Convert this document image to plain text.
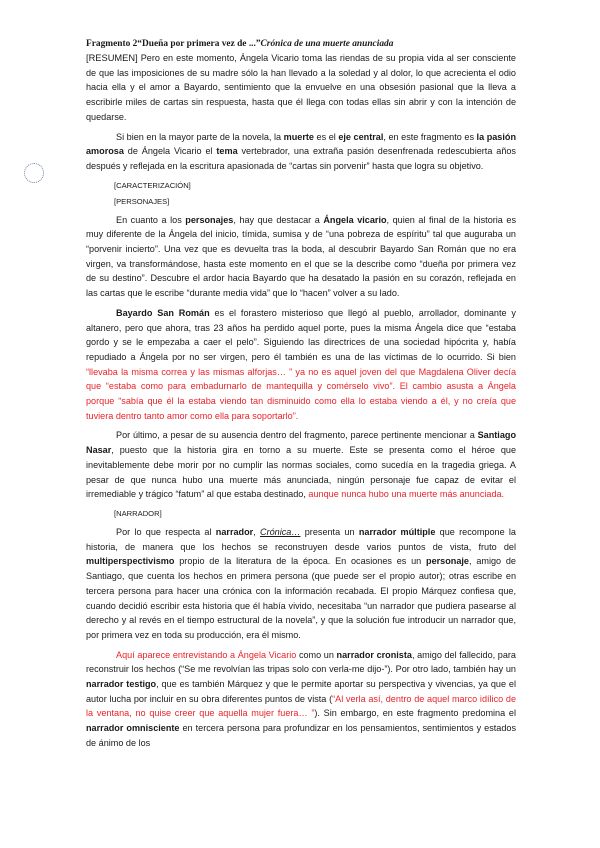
Fragmento 2“Dueña por primera vez de ...”Crónica de una muerte anunciada

[RESUMEN] Pero en este momento, Ángela Vicario toma las riendas de su propia vida al ser consciente de que las imposiciones de su madre sólo la han llevado a la soledad y al dolor, lo que acrecienta el odio hacia ella y el amor a Bayardo, sentimiento que la envuelve en una obsesión pasional que la lleva a escribirle miles de cartas sin respuesta, hasta que él llega con todas ellas sin abrir y con la intención de quedarse.

Si bien en la mayor parte de la novela, la muerte es el eje central, en este fragmento es la pasión amorosa de Ángela Vicario el tema vertebrador, una extraña pasión desenfrenada redescubierta años después y reflejada en la escritura apasionada de “cartas sin porvenir” hasta que logra su objetivo.

[CARACTERIZACIÓN]

[PERSONAJES]

En cuanto a los personajes, hay que destacar a Ángela vicario, quien al final de la historia es muy diferente de la Ángela del inicio, tímida, sumisa y de “una pobreza de espíritu” tal que auguraba un “porvenir incierto”. Una vez que es devuelta tras la boda, al descubrir Bayardo San Román que no era virgen, va transformándose, hasta este momento en el que se la describe como “dueña por primera vez de su destino”. Descubre el ardor hacia Bayardo que ha desatado la pasión en su corazón, reflejada en las cartas que le escribe “durante media vida” que lo “hacen” volver a su lado.

Bayardo San Román es el forastero misterioso que llegó al pueblo, arrollador, dominante y altanero, pero que ahora, tras 23 años ha perdido aquel porte, pues la misma Ángela dice que “estaba gordo y se le empezaba a caer el pelo”. Siguiendo las directrices de una sociedad hipócrita y, había repudiado a Ángela por no ser virgen, pero él también es una de las víctimas de lo ocurrido. Si bien “llevaba la misma correa y las mismas alforjas… ” ya no es aquel joven del que Magdalena Oliver decía que “estaba como para embadurnarlo de mantequilla y comérselo vivo”. El cambio asusta a Ángela porque “sabía que él la estaba viendo tan disminuido como ella lo estaba viendo a él, y no creía que tuviera dentro tanto amor como ella para soportarlo”.

Por último, a pesar de su ausencia dentro del fragmento, parece pertinente mencionar a Santiago Nasar, puesto que la historia gira en torno a su muerte. Este se presenta como el héroe que inevitablemente debe morir por no cumplir las normas sociales, como sucedía en la tragedia griega. A pesar de que nunca hubo una muerte más anunciada, ningún personaje fue capaz de evitar el irremediable y trágico “fatum” al que estaba destinado, aunque nunca hubo una muerte más anunciada.

[NARRADOR]

Por lo que respecta al narrador, Crónica… presenta un narrador múltiple que recompone la historia, de manera que los hechos se reconstruyen desde varios puntos de vista, fruto del multiperspectivismo propio de la literatura de la época. En ocasiones es un personaje, amigo de Santiago, que cuenta los hechos en primera persona (que puede ser el propio autor); otras escribe en tercera persona para hacer una crónica con la información recabada. El propio Márquez confiesa que, cuando decidió escribir esta historia que él había vivido, necesitaba “un narrador que pudiera pasearse al derecho y al revés en el tiempo estructural de la novela”, y que la solución fue introducir un narrador que, por primera vez en toda su producción, era él mismo.

Aquí aparece entrevistando a Ángela Vicario como un narrador cronista, amigo del fallecido, para reconstruir los hechos (“Se me revolvían las tripas solo con verla-me dijo-”). Por otro lado, también hay un narrador testigo, que es también Márquez y que le permite aportar su perspectiva y vivencias, ya que el autor lucha por incluir en su obra diferentes puntos de vista (“Al verla así, dentro de aquel marco idílico de la ventana, no quise creer que aquella mujer fuera… ”). Sin embargo, en este fragmento predomina el narrador omnisciente en tercera persona para profundizar en los pensamientos, sentimientos y estados de ánimo de los
